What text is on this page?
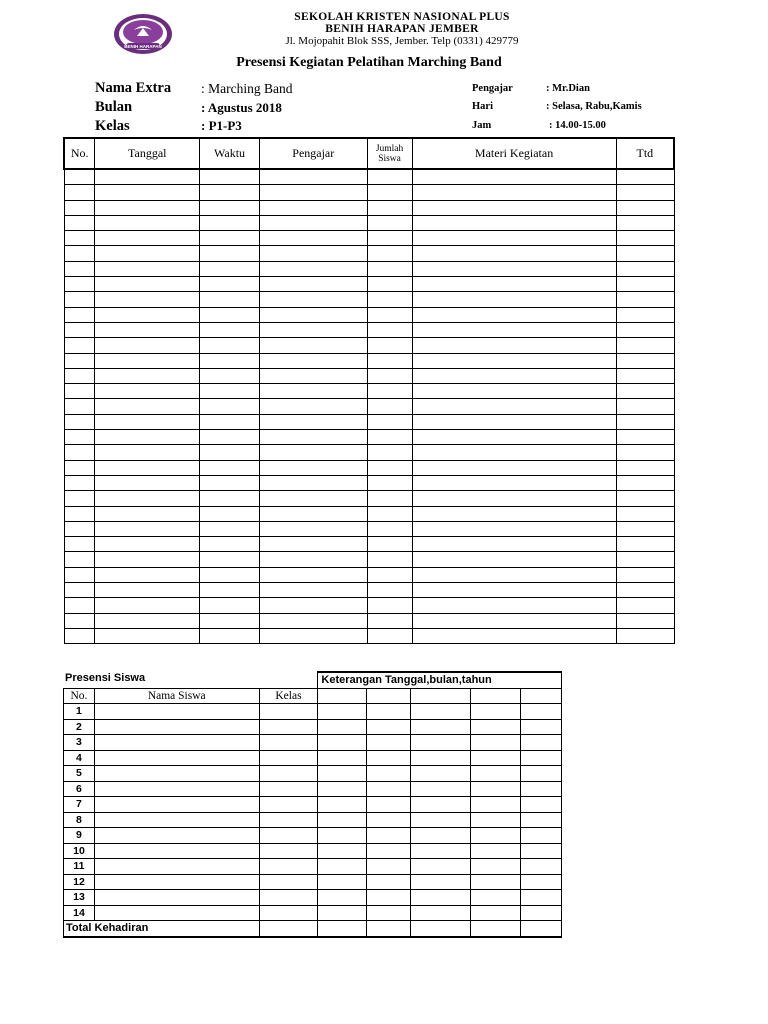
BENIH HARAPAN
SEKOLAH KRISTEN NASIONAL PLUS
BENIH HARAPAN JEMBER
Jl. Mojopahit Blok SSS, Jember. Telp (0331) 429779
Presensi Kegiatan Pelatihan Marching Band
Nama Extra : Marching Band
Bulan	: Agustus 2018
Kelas	: P1-P3
Pengajar	: Mr.Dian
Hari	: Selasa, Rabu,Kamis
Jam	: 14.00-15.00
No.	Tanggal	Waktu	Pengajar	Jumlah Siswa	Materi Kegiatan	Ttd

Presensi Siswa
			Keterangan Tanggal,bulan,tahun				
No.	Nama Siswa	Kelas					
1							
2							
3							
4							
5							
6							
7							
8							
9							
10							
11							
12							
13							
14							
Total Kehadiran							
